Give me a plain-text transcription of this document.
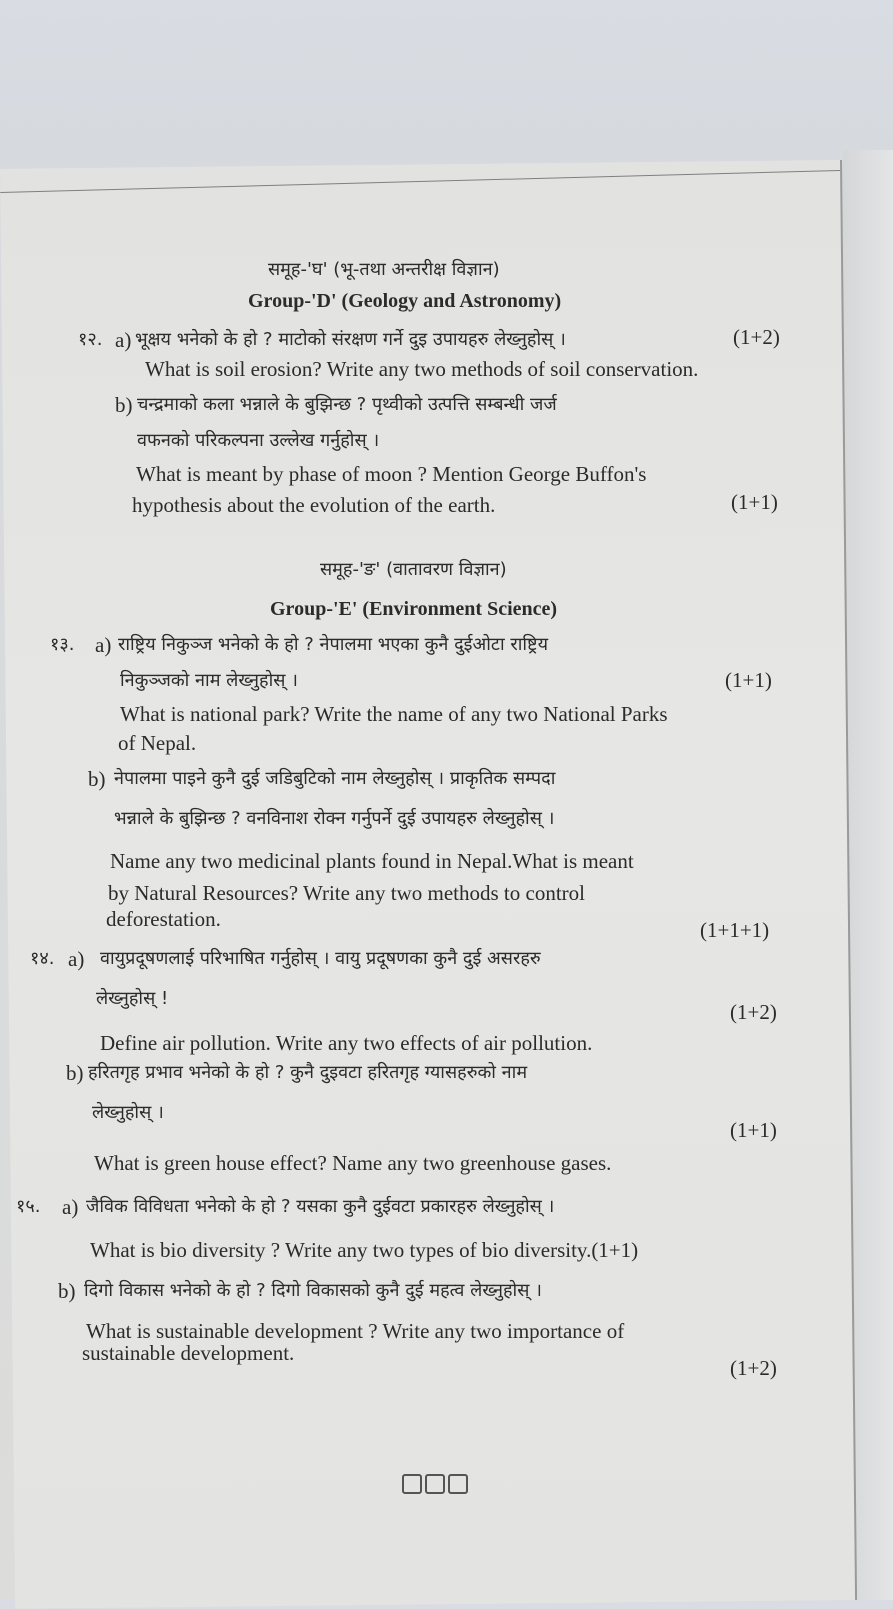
समूह-'घ' (भू-तथा अन्तरीक्ष विज्ञान)
Group-'D' (Geology and Astronomy)
१२. a) भूक्षय भनेको के हो ? माटोको संरक्षण गर्ने दुइ उपायहरु लेख्नुहोस् ।	(1+2)
What is soil erosion? Write any two methods of soil conservation.
b) चन्द्रमाको कला भन्नाले के बुझिन्छ ? पृथ्वीको उत्पत्ति सम्बन्धी जर्ज
वफनको परिकल्पना उल्लेख गर्नुहोस् ।
What is meant by phase of moon ? Mention George Buffon's
hypothesis about the evolution of the earth.	(1+1)
समूह-'ङ' (वातावरण विज्ञान)
Group-'E' (Environment Science)
१३. a) राष्ट्रिय निकुञ्ज भनेको के हो ? नेपालमा भएका कुनै दुईओटा राष्ट्रिय
निकुञ्जको नाम लेख्नुहोस् ।	(1+1)
What is national park? Write the name of any two National Parks
of Nepal.
b) नेपालमा पाइने कुनै दुई जडिबुटिको नाम लेख्नुहोस् । प्राकृतिक सम्पदा
भन्नाले के बुझिन्छ ? वनविनाश रोक्न गर्नुपर्ने दुई उपायहरु लेख्नुहोस् ।
Name any two medicinal plants found in Nepal.What is meant
by Natural Resources? Write any two methods to control
deforestation.	(1+1+1)
१४. a) वायुप्रदूषणलाई परिभाषित गर्नुहोस् । वायु प्रदूषणका कुनै दुई असरहरु
लेख्नुहोस् !
(1+2)
Define air pollution. Write any two effects of air pollution.
b) हरितगृह प्रभाव भनेको के हो ? कुनै दुइवटा हरितगृह ग्यासहरुको नाम
लेख्नुहोस् ।
(1+1)
What is green house effect? Name any two greenhouse gases.
१५. a) जैविक विविधता भनेको के हो ? यसका कुनै दुईवटा प्रकारहरु लेख्नुहोस् ।
What is bio diversity ? Write any two types of bio diversity.(1+1)
b) दिगो विकास भनेको के हो ? दिगो विकासको कुनै दुई महत्व लेख्नुहोस् ।
What is sustainable development ? Write any two importance of
sustainable development.
(1+2)
